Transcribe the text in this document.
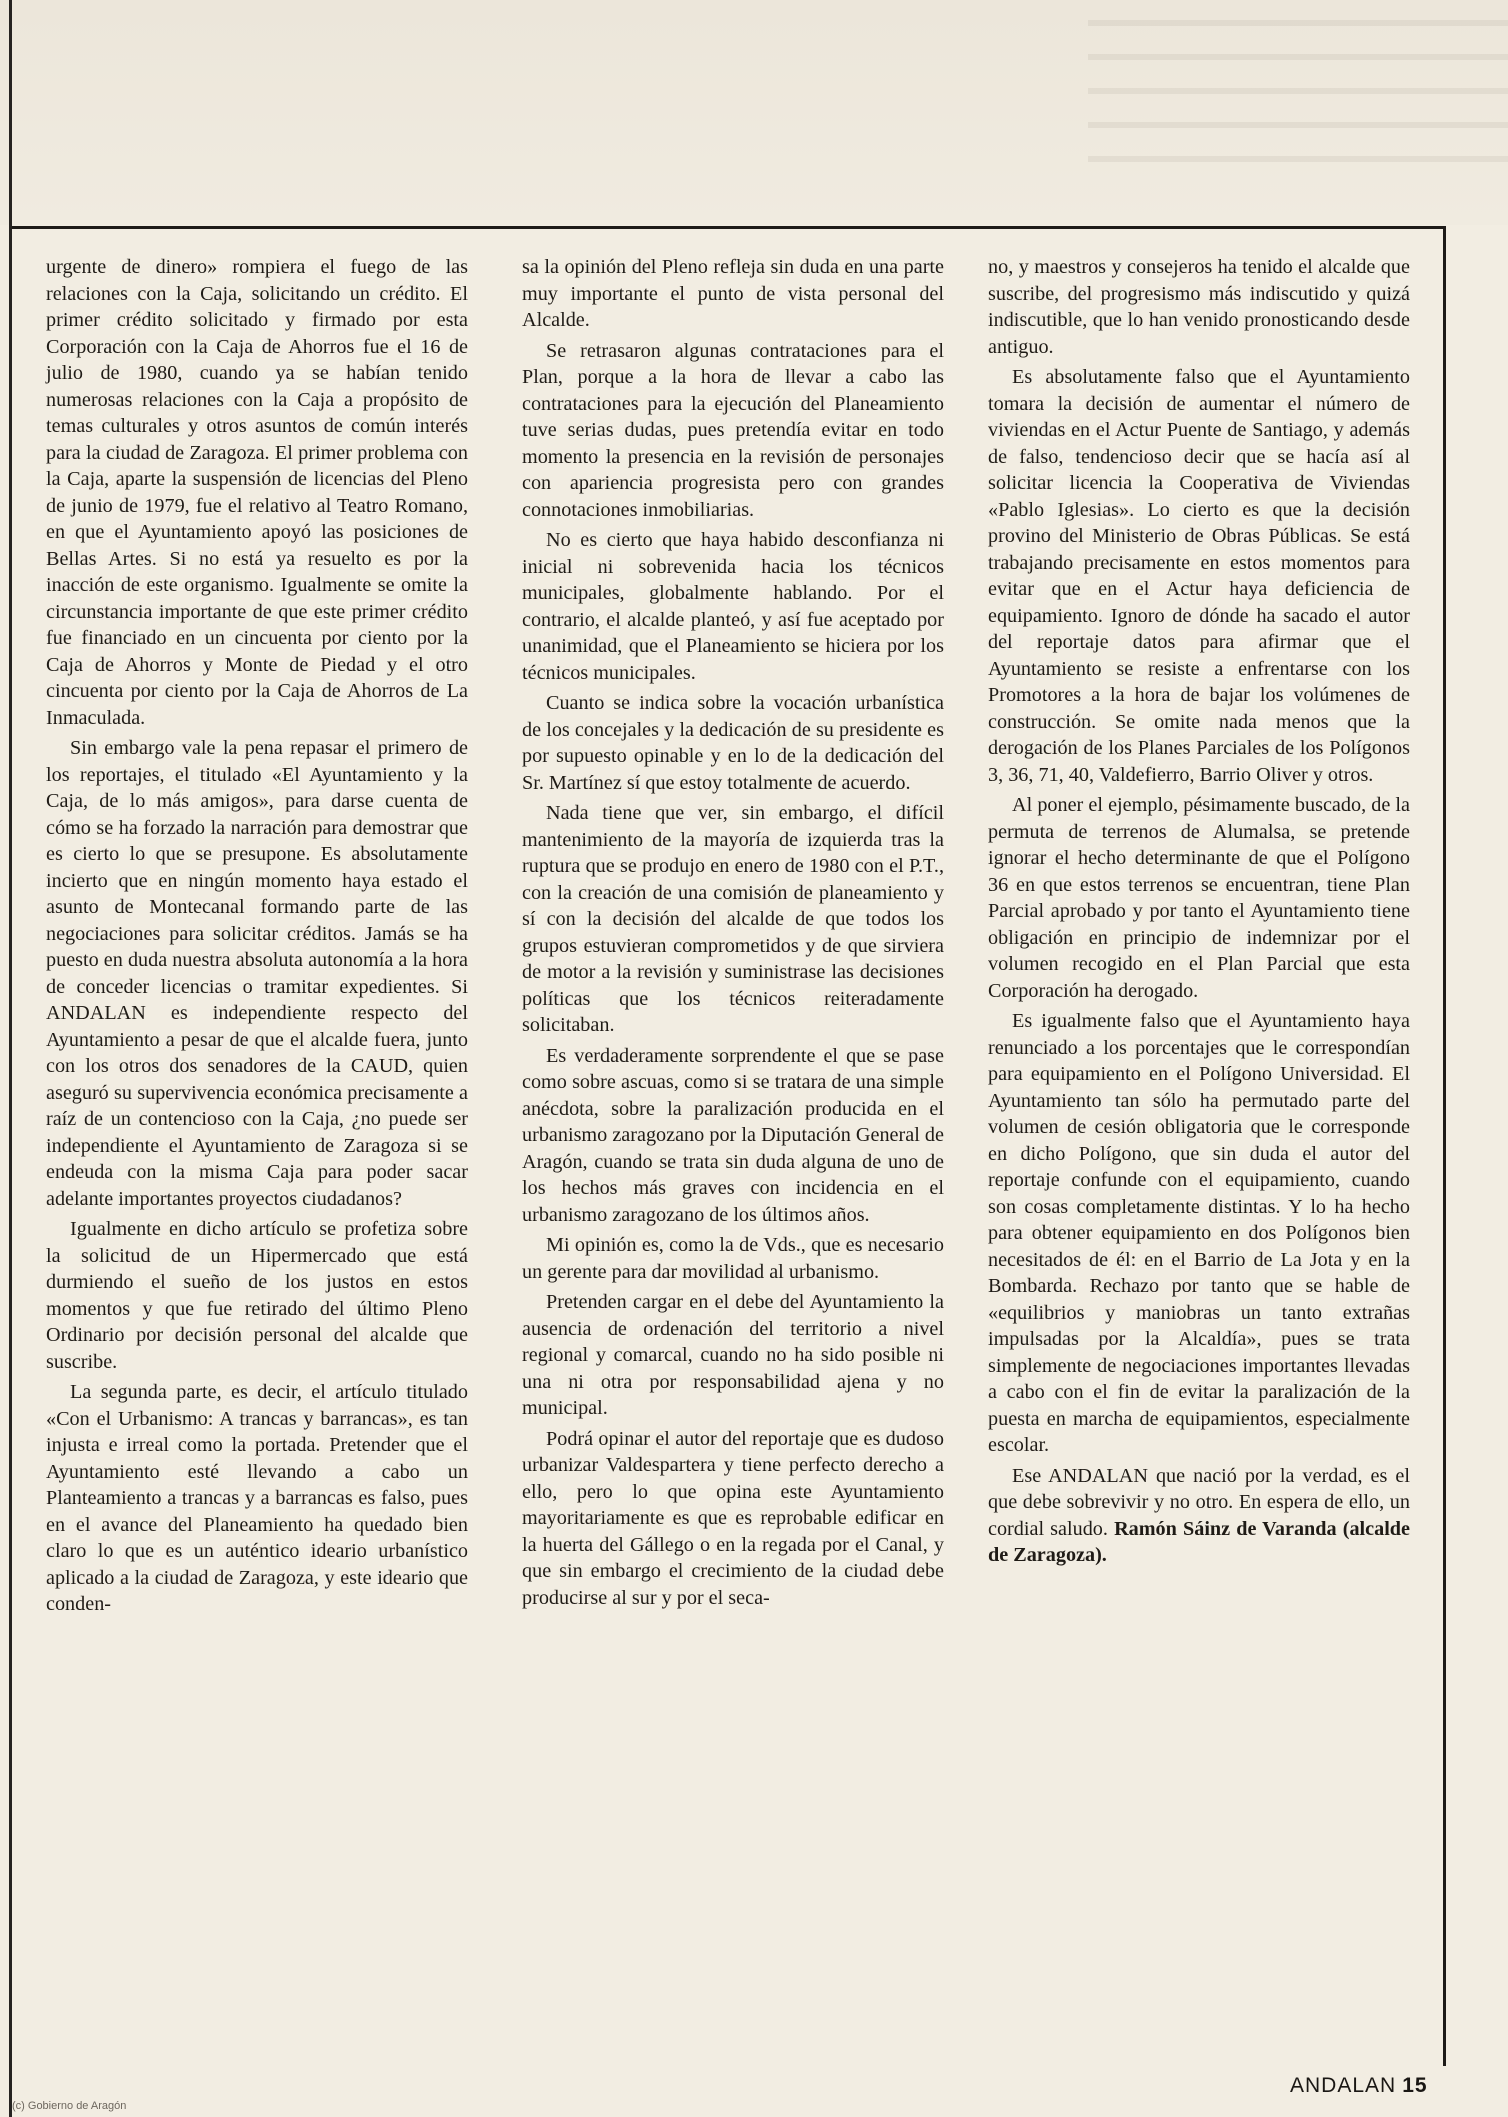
urgente de dinero» rompiera el fuego de las relaciones con la Caja, solicitando un crédito. El primer crédito solicitado y firmado por esta Corporación con la Caja de Ahorros fue el 16 de julio de 1980, cuando ya se habían tenido numerosas relaciones con la Caja a propósito de temas culturales y otros asuntos de común interés para la ciudad de Zaragoza. El primer problema con la Caja, aparte la suspensión de licencias del Pleno de junio de 1979, fue el relativo al Teatro Romano, en que el Ayuntamiento apoyó las posiciones de Bellas Artes. Si no está ya resuelto es por la inacción de este organismo. Igualmente se omite la circunstancia importante de que este primer crédito fue financiado en un cincuenta por ciento por la Caja de Ahorros y Monte de Piedad y el otro cincuenta por ciento por la Caja de Ahorros de La Inmaculada.

Sin embargo vale la pena repasar el primero de los reportajes, el titulado «El Ayuntamiento y la Caja, de lo más amigos», para darse cuenta de cómo se ha forzado la narración para demostrar que es cierto lo que se presupone. Es absolutamente incierto que en ningún momento haya estado el asunto de Montecanal formando parte de las negociaciones para solicitar créditos. Jamás se ha puesto en duda nuestra absoluta autonomía a la hora de conceder licencias o tramitar expedientes. Si ANDALAN es independiente respecto del Ayuntamiento a pesar de que el alcalde fuera, junto con los otros dos senadores de la CAUD, quien aseguró su supervivencia económica precisamente a raíz de un contencioso con la Caja, ¿no puede ser independiente el Ayuntamiento de Zaragoza si se endeuda con la misma Caja para poder sacar adelante importantes proyectos ciudadanos?

Igualmente en dicho artículo se profetiza sobre la solicitud de un Hipermercado que está durmiendo el sueño de los justos en estos momentos y que fue retirado del último Pleno Ordinario por decisión personal del alcalde que suscribe.

La segunda parte, es decir, el artículo titulado «Con el Urbanismo: A trancas y barrancas», es tan injusta e irreal como la portada. Pretender que el Ayuntamiento esté llevando a cabo un Planteamiento a trancas y a barrancas es falso, pues en el avance del Planeamiento ha quedado bien claro lo que es un auténtico ideario urbanístico aplicado a la ciudad de Zaragoza, y este ideario que conden-

sa la opinión del Pleno refleja sin duda en una parte muy importante el punto de vista personal del Alcalde.

Se retrasaron algunas contrataciones para el Plan, porque a la hora de llevar a cabo las contrataciones para la ejecución del Planeamiento tuve serias dudas, pues pretendía evitar en todo momento la presencia en la revisión de personajes con apariencia progresista pero con grandes connotaciones inmobiliarias.

No es cierto que haya habido desconfianza ni inicial ni sobrevenida hacia los técnicos municipales, globalmente hablando. Por el contrario, el alcalde planteó, y así fue aceptado por unanimidad, que el Planeamiento se hiciera por los técnicos municipales.

Cuanto se indica sobre la vocación urbanística de los concejales y la dedicación de su presidente es por supuesto opinable y en lo de la dedicación del Sr. Martínez sí que estoy totalmente de acuerdo.

Nada tiene que ver, sin embargo, el difícil mantenimiento de la mayoría de izquierda tras la ruptura que se produjo en enero de 1980 con el P.T., con la creación de una comisión de planeamiento y sí con la decisión del alcalde de que todos los grupos estuvieran comprometidos y de que sirviera de motor a la revisión y suministrase las decisiones políticas que los técnicos reiteradamente solicitaban.

Es verdaderamente sorprendente el que se pase como sobre ascuas, como si se tratara de una simple anécdota, sobre la paralización producida en el urbanismo zaragozano por la Diputación General de Aragón, cuando se trata sin duda alguna de uno de los hechos más graves con incidencia en el urbanismo zaragozano de los últimos años.

Mi opinión es, como la de Vds., que es necesario un gerente para dar movilidad al urbanismo.

Pretenden cargar en el debe del Ayuntamiento la ausencia de ordenación del territorio a nivel regional y comarcal, cuando no ha sido posible ni una ni otra por responsabilidad ajena y no municipal.

Podrá opinar el autor del reportaje que es dudoso urbanizar Valdespartera y tiene perfecto derecho a ello, pero lo que opina este Ayuntamiento mayoritariamente es que es reprobable edificar en la huerta del Gállego o en la regada por el Canal, y que sin embargo el crecimiento de la ciudad debe producirse al sur y por el seca-

no, y maestros y consejeros ha tenido el alcalde que suscribe, del progresismo más indiscutido y quizá indiscutible, que lo han venido pronosticando desde antiguo.

Es absolutamente falso que el Ayuntamiento tomara la decisión de aumentar el número de viviendas en el Actur Puente de Santiago, y además de falso, tendencioso decir que se hacía así al solicitar licencia la Cooperativa de Viviendas «Pablo Iglesias». Lo cierto es que la decisión provino del Ministerio de Obras Públicas. Se está trabajando precisamente en estos momentos para evitar que en el Actur haya deficiencia de equipamiento. Ignoro de dónde ha sacado el autor del reportaje datos para afirmar que el Ayuntamiento se resiste a enfrentarse con los Promotores a la hora de bajar los volúmenes de construcción. Se omite nada menos que la derogación de los Planes Parciales de los Polígonos 3, 36, 71, 40, Valdefierro, Barrio Oliver y otros.

Al poner el ejemplo, pésimamente buscado, de la permuta de terrenos de Alumalsa, se pretende ignorar el hecho determinante de que el Polígono 36 en que estos terrenos se encuentran, tiene Plan Parcial aprobado y por tanto el Ayuntamiento tiene obligación en principio de indemnizar por el volumen recogido en el Plan Parcial que esta Corporación ha derogado.

Es igualmente falso que el Ayuntamiento haya renunciado a los porcentajes que le correspondían para equipamiento en el Polígono Universidad. El Ayuntamiento tan sólo ha permutado parte del volumen de cesión obligatoria que le corresponde en dicho Polígono, que sin duda el autor del reportaje confunde con el equipamiento, cuando son cosas completamente distintas. Y lo ha hecho para obtener equipamiento en dos Polígonos bien necesitados de él: en el Barrio de La Jota y en la Bombarda. Rechazo por tanto que se hable de «equilibrios y maniobras un tanto extrañas impulsadas por la Alcaldía», pues se trata simplemente de negociaciones importantes llevadas a cabo con el fin de evitar la paralización de la puesta en marcha de equipamientos, especialmente escolar.

Ese ANDALAN que nació por la verdad, es el que debe sobrevivir y no otro. En espera de ello, un cordial saludo. Ramón Sáinz de Varanda (alcalde de Zaragoza).

ANDALAN 15
(c) Gobierno de Aragón
